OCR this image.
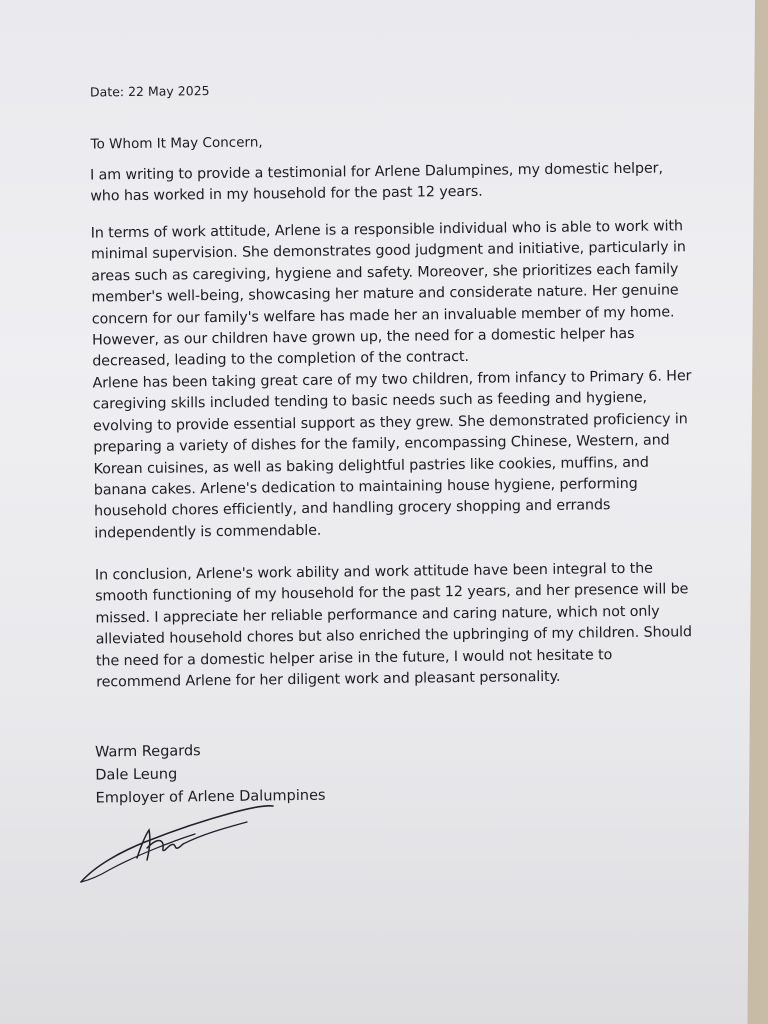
Date: 22 May 2025
To Whom It May Concern,

I am writing to provide a testimonial for Arlene Dalumpines, my domestic helper,
who has worked in my household for the past 12 years.

In terms of work attitude, Arlene is a responsible individual who is able to work with
minimal supervision. She demonstrates good judgment and initiative, particularly in
areas such as caregiving, hygiene and safety. Moreover, she prioritizes each family
member's well-being, showcasing her mature and considerate nature. Her genuine
concern for our family's welfare has made her an invaluable member of my home.
However, as our children have grown up, the need for a domestic helper has
decreased, leading to the completion of the contract.

Arlene has been taking great care of my two children, from infancy to Primary 6. Her
caregiving skills included tending to basic needs such as feeding and hygiene,
evolving to provide essential support as they grew. She demonstrated proficiency in
preparing a variety of dishes for the family, encompassing Chinese, Western, and
Korean cuisines, as well as baking delightful pastries like cookies, muffins, and
banana cakes. Arlene's dedication to maintaining house hygiene, performing
household chores efficiently, and handling grocery shopping and errands
independently is commendable.

In conclusion, Arlene's work ability and work attitude have been integral to the
smooth functioning of my household for the past 12 years, and her presence will be
missed. I appreciate her reliable performance and caring nature, which not only
alleviated household chores but also enriched the upbringing of my children. Should
the need for a domestic helper arise in the future, I would not hesitate to
recommend Arlene for her diligent work and pleasant personality.

Warm Regards
Dale Leung
Employer of Arlene Dalumpines
